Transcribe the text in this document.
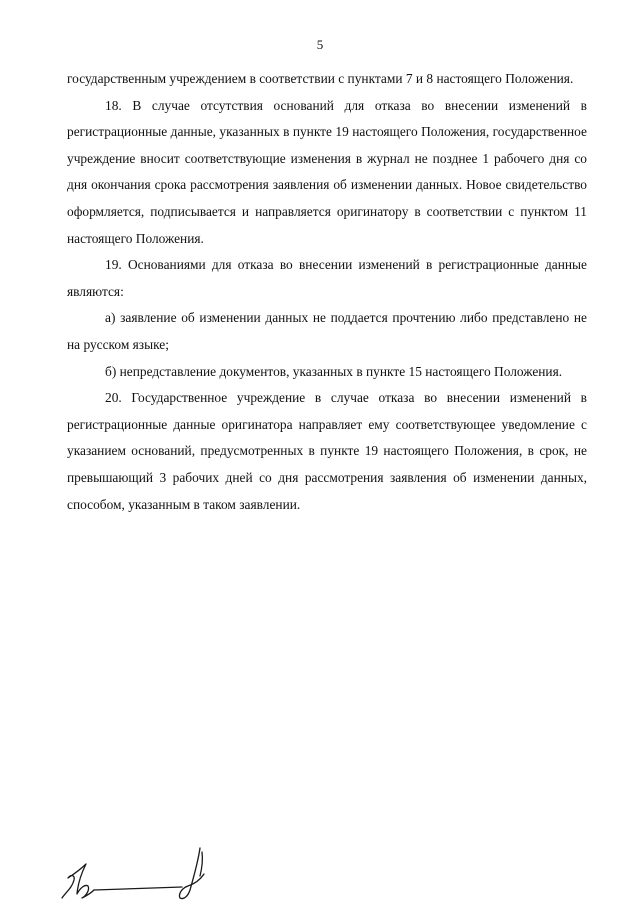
5

государственным учреждением в соответствии с пунктами 7 и 8 настоящего Положения.

18. В случае отсутствия оснований для отказа во внесении изменений в регистрационные данные, указанных в пункте 19 настоящего Положения, государственное учреждение вносит соответствующие изменения в журнал не позднее 1 рабочего дня со дня окончания срока рассмотрения заявления об изменении данных. Новое свидетельство оформляется, подписывается и направляется оригинатору в соответствии с пунктом 11 настоящего Положения.

19. Основаниями для отказа во внесении изменений в регистрационные данные являются:

а) заявление об изменении данных не поддается прочтению либо представлено не на русском языке;

б) непредставление документов, указанных в пункте 15 настоящего Положения.

20. Государственное учреждение в случае отказа во внесении изменений в регистрационные данные оригинатора направляет ему соответствующее уведомление с указанием оснований, предусмотренных в пункте 19 настоящего Положения, в срок, не превышающий 3 рабочих дней со дня рассмотрения заявления об изменении данных, способом, указанным в таком заявлении.
